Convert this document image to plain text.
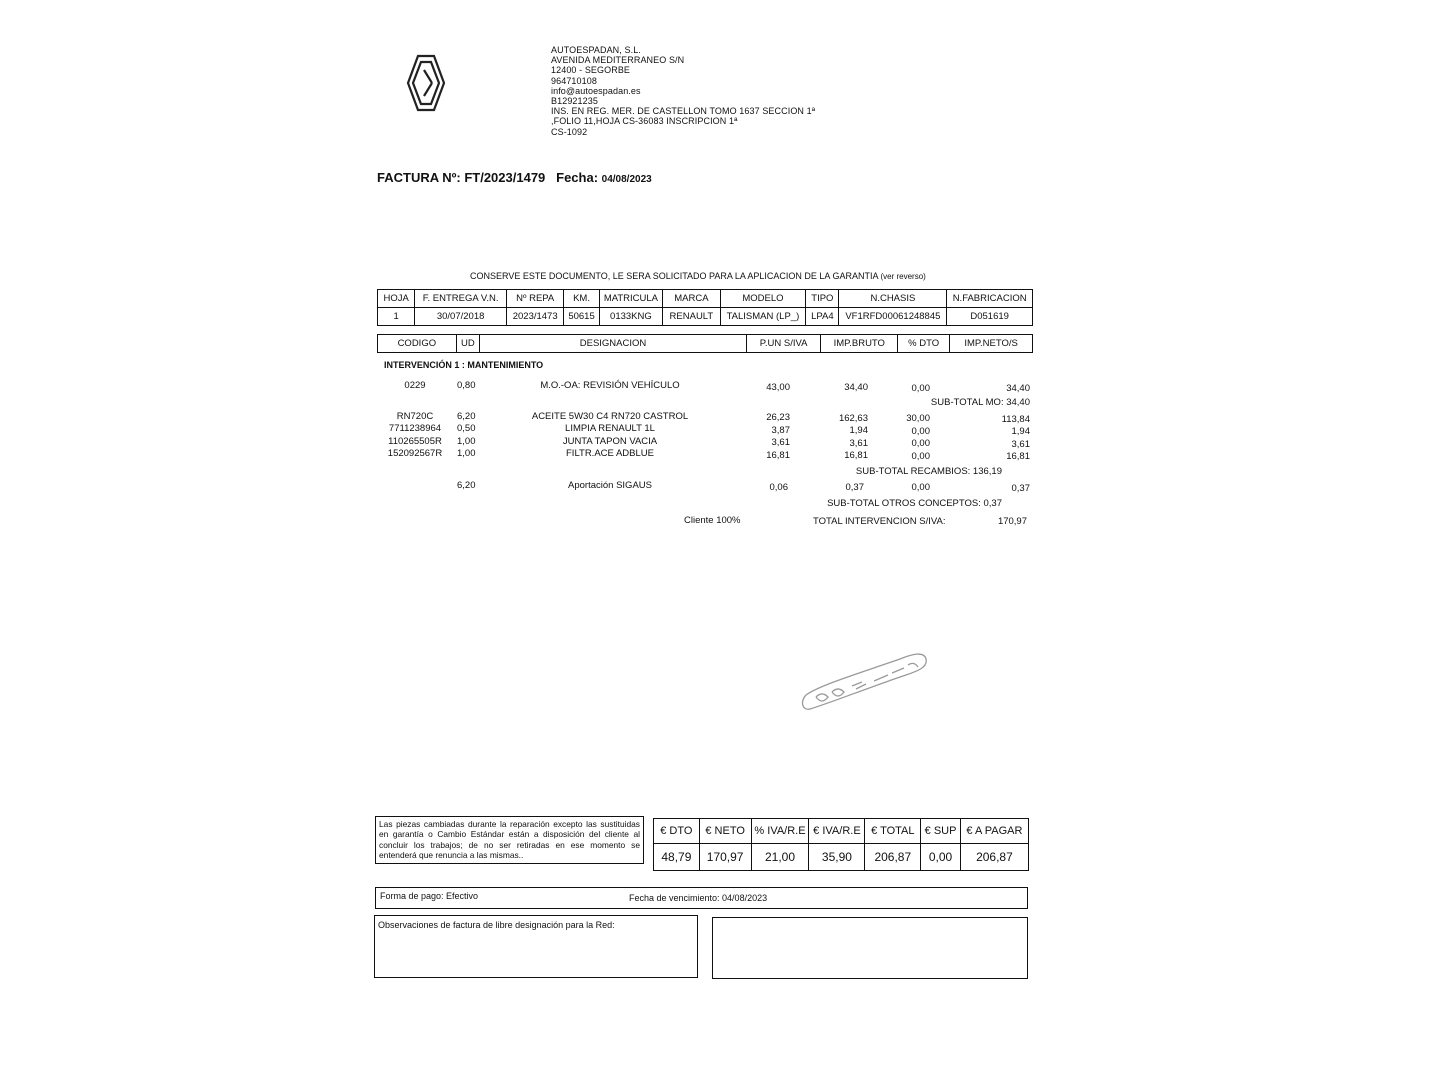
AUTOESPADAN, S.L.
AVENIDA MEDITERRANEO S/N
12400 - SEGORBE
964710108
info@autoespadan.es
B12921235
INS. EN REG. MER. DE CASTELLON TOMO 1637 SECCION 1ª
,FOLIO 11,HOJA CS-36083 INSCRIPCION 1ª
CS-1092
FACTURA Nº: FT/2023/1479 Fecha: 04/08/2023
CONSERVE ESTE DOCUMENTO, LE SERA SOLICITADO PARA LA APLICACION DE LA GARANTIA (ver reverso)
HOJA	F. ENTREGA V.N.	Nº REPA	KM.	MATRICULA	MARCA	MODELO	TIPO	N.CHASIS	N.FABRICACION
1	30/07/2018	2023/1473	50615	0133KNG	RENAULT	TALISMAN (LP_)	LPA4	VF1RFD00061248845	D051619
CODIGO	UD	DESIGNACION	P.UN S/IVA	IMP.BRUTO	% DTO	IMP.NETO/S
INTERVENCIÓN 1 : MANTENIMIENTO
0229	0,80	M.O.-OA: REVISIÓN VEHÍCULO	43,00	34,40	0,00	34,40
SUB-TOTAL MO: 34,40
RN720C	6,20	ACEITE 5W30 C4 RN720 CASTROL	26,23	162,63	30,00	113,84
7711238964	0,50	LIMPIA RENAULT 1L	3,87	1,94	0,00	1,94
110265505R	1,00	JUNTA TAPON VACIA	3,61	3,61	0,00	3,61
152092567R 1,00	FILTR.ACE ADBLUE	16,81	16,81	0,00	16,81
SUB-TOTAL RECAMBIOS: 136,19
6,20	Aportación SIGAUS	0,06	0,37	0,00	0,37
SUB-TOTAL OTROS CONCEPTOS: 0,37
Cliente 100%	TOTAL INTERVENCION S/IVA:	170,97
Las piezas cambiadas durante la reparación excepto las sustituidas en garantía o Cambio Estándar están a disposición del cliente al concluir los trabajos; de no ser retiradas en ese momento se entenderá que renuncia a las mismas..
€ DTO	€ NETO	% IVA/R.E	€ IVA/R.E	€ TOTAL	€ SUP	€ A PAGAR
48,79	170,97	21,00	35,90	206,87	0,00	206,87
Forma de pago: Efectivo	Fecha de vencimiento: 04/08/2023
Observaciones de factura de libre designación para la Red:
